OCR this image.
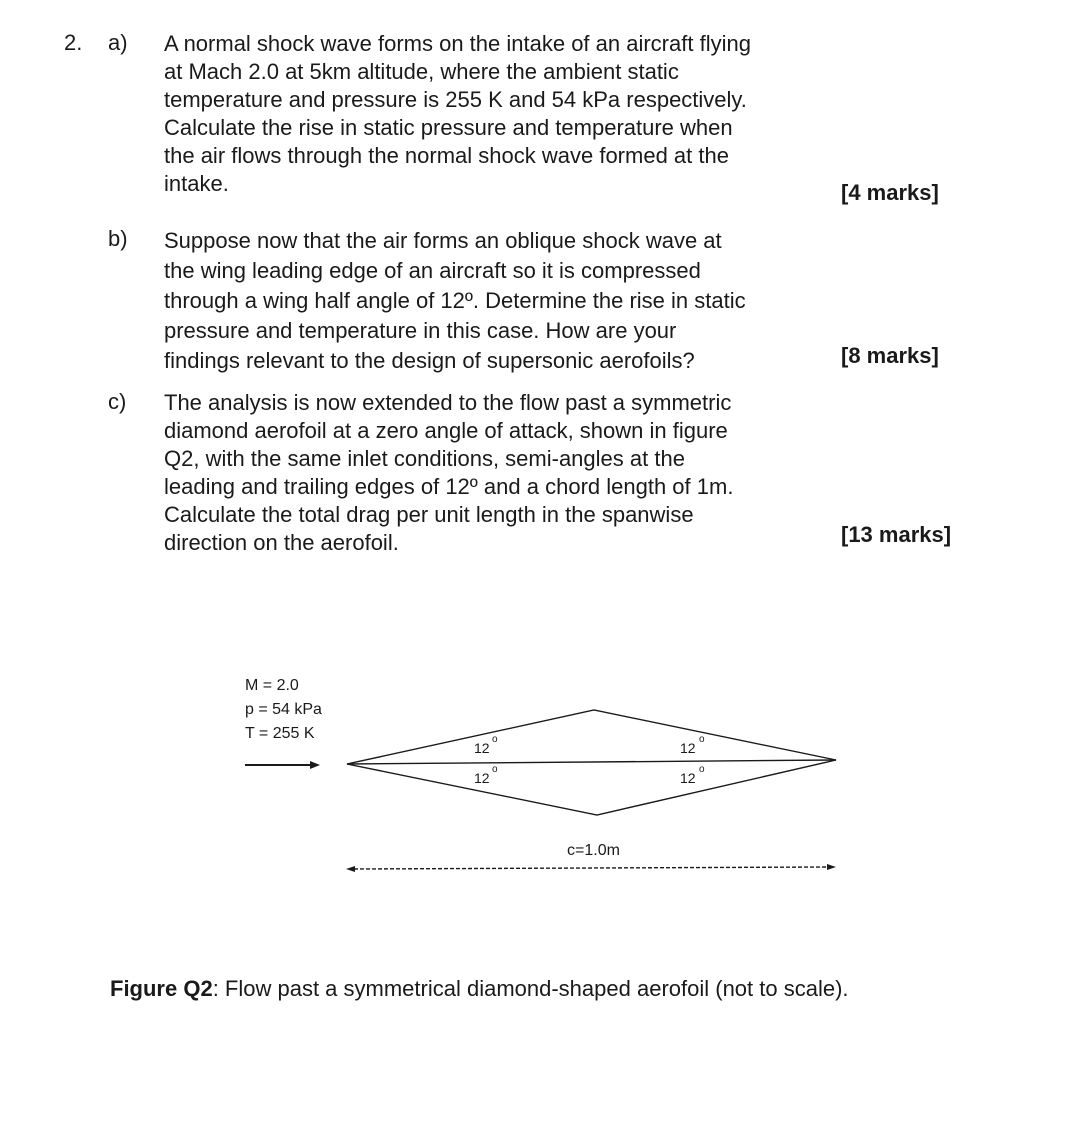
2. a) A normal shock wave forms on the intake of an aircraft flying
at Mach 2.0 at 5km altitude, where the ambient static
temperature and pressure is 255 K and 54 kPa respectively.
Calculate the rise in static pressure and temperature when
the air flows through the normal shock wave formed at the
intake.	[4 marks]
b) Suppose now that the air forms an oblique shock wave at
the wing leading edge of an aircraft so it is compressed
through a wing half angle of 12º. Determine the rise in static
pressure and temperature in this case. How are your
findings relevant to the design of supersonic aerofoils?	[8 marks]
c) The analysis is now extended to the flow past a symmetric
diamond aerofoil at a zero angle of attack, shown in figure
Q2, with the same inlet conditions, semi-angles at the
leading and trailing edges of 12º and a chord length of 1m.
Calculate the total drag per unit length in the spanwise
direction on the aerofoil.	[13 marks]
M = 2.0
p = 54 kPa
T = 255 K
12
o
12
o
12
o
12
o
c=1.0m
Figure Q2: Flow past a symmetrical diamond-shaped aerofoil (not to scale).
